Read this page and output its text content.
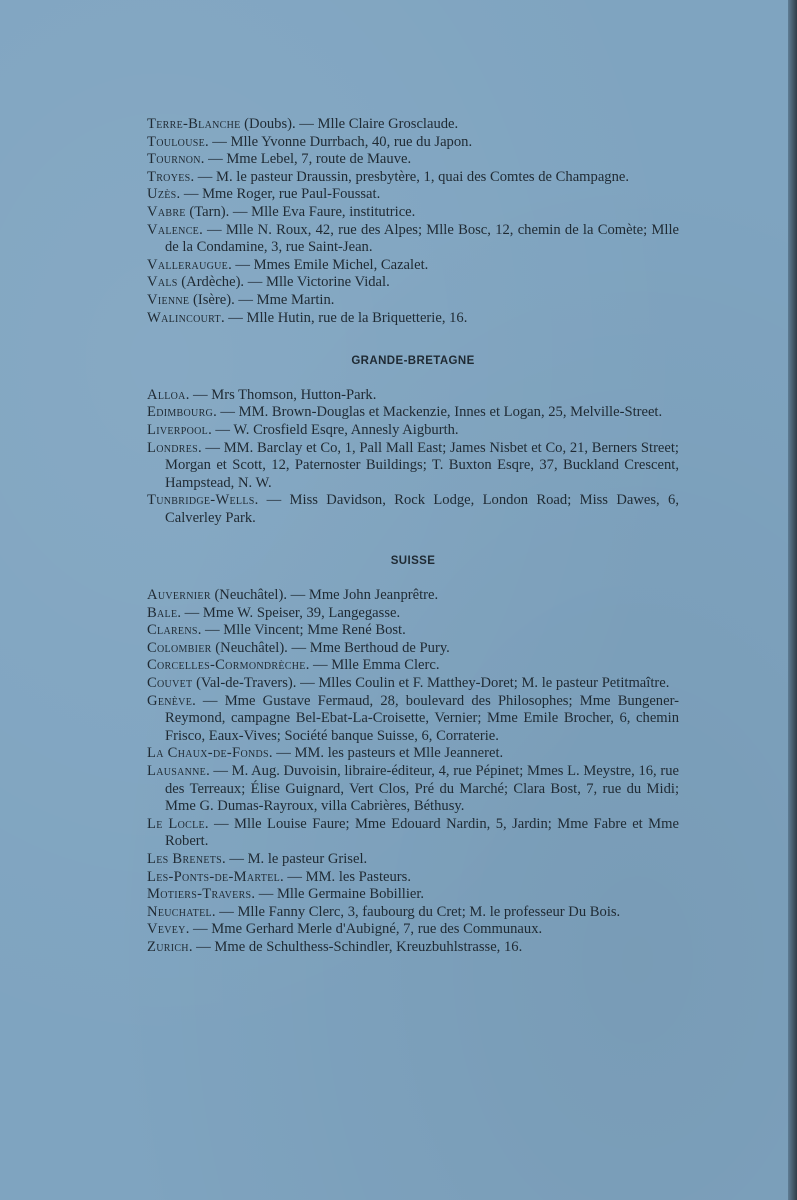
Terre-Blanche (Doubs). — Mlle Claire Grosclaude.

Toulouse. — Mlle Yvonne Durrbach, 40, rue du Japon.

Tournon. — Mme Lebel, 7, route de Mauve.

Troyes. — M. le pasteur Draussin, presbytère, 1, quai des Comtes de Champagne.

Uzès. — Mme Roger, rue Paul-Foussat.

Vabre (Tarn). — Mlle Eva Faure, institutrice.

Valence. — Mlle N. Roux, 42, rue des Alpes; Mlle Bosc, 12, chemin de la Comète; Mlle de la Condamine, 3, rue Saint-Jean.

Valleraugue. — Mmes Emile Michel, Cazalet.

Vals (Ardèche). — Mlle Victorine Vidal.

Vienne (Isère). — Mme Martin.

Walincourt. — Mlle Hutin, rue de la Briquetterie, 16.

GRANDE-BRETAGNE

Alloa. — Mrs Thomson, Hutton-Park.

Edimbourg. — MM. Brown-Douglas et Mackenzie, Innes et Logan, 25, Melville-Street.

Liverpool. — W. Crosfield Esqre, Annesly Aigburth.

Londres. — MM. Barclay et Co, 1, Pall Mall East; James Nisbet et Co, 21, Berners Street; Morgan et Scott, 12, Paternoster Buildings; T. Buxton Esqre, 37, Buckland Crescent, Hampstead, N. W.

Tunbridge-Wells. — Miss Davidson, Rock Lodge, London Road; Miss Dawes, 6, Calverley Park.

SUISSE

Auvernier (Neuchâtel). — Mme John Jeanprêtre.

Bale. — Mme W. Speiser, 39, Langegasse.

Clarens. — Mlle Vincent; Mme René Bost.

Colombier (Neuchâtel). — Mme Berthoud de Pury.

Corcelles-Cormondrèche. — Mlle Emma Clerc.

Couvet (Val-de-Travers). — Mlles Coulin et F. Matthey-Doret; M. le pasteur Petitmaître.

Genève. — Mme Gustave Fermaud, 28, boulevard des Philosophes; Mme Bungener-Reymond, campagne Bel-Ebat-La-Croisette, Vernier; Mme Emile Brocher, 6, chemin Frisco, Eaux-Vives; Société banque Suisse, 6, Corraterie.

La Chaux-de-Fonds. — MM. les pasteurs et Mlle Jeanneret.

Lausanne. — M. Aug. Duvoisin, libraire-éditeur, 4, rue Pépinet; Mmes L. Meystre, 16, rue des Terreaux; Élise Guignard, Vert Clos, Pré du Marché; Clara Bost, 7, rue du Midi; Mme G. Dumas-Rayroux, villa Cabrières, Béthusy.

Le Locle. — Mlle Louise Faure; Mme Edouard Nardin, 5, Jardin; Mme Fabre et Mme Robert.

Les Brenets. — M. le pasteur Grisel.

Les-Ponts-de-Martel. — MM. les Pasteurs.

Motiers-Travers. — Mlle Germaine Bobillier.

Neuchatel. — Mlle Fanny Clerc, 3, faubourg du Cret; M. le professeur Du Bois.

Vevey. — Mme Gerhard Merle d'Aubigné, 7, rue des Communaux.

Zurich. — Mme de Schulthess-Schindler, Kreuzbuhlstrasse, 16.
